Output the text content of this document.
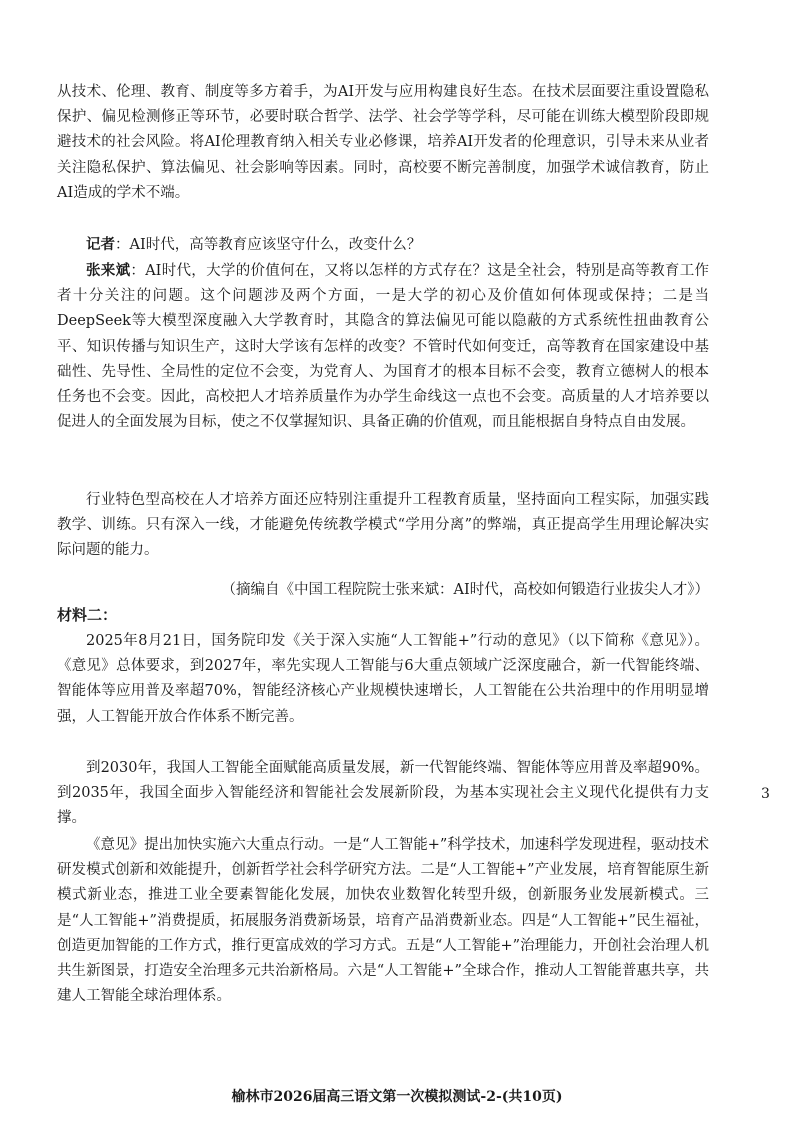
从技术、伦理、教育、制度等多方着手，为AI开发与应用构建良好生态。在技术层面要注重设置隐私保护、偏见检测修正等环节，必要时联合哲学、法学、社会学等学科，尽可能在训练大模型阶段即规避技术的社会风险。将AI伦理教育纳入相关专业必修课，培养AI开发者的伦理意识，引导未来从业者关注隐私保护、算法偏见、社会影响等因素。同时，高校要不断完善制度，加强学术诚信教育，防止AI造成的学术不端。

记者：AI时代，高等教育应该坚守什么，改变什么？

张来斌：AI时代，大学的价值何在，又将以怎样的方式存在？这是全社会，特别是高等教育工作者十分关注的问题。这个问题涉及两个方面，一是大学的初心及价值如何体现或保持；二是当DeepSeek等大模型深度融入大学教育时，其隐含的算法偏见可能以隐蔽的方式系统性扭曲教育公平、知识传播与知识生产，这时大学该有怎样的改变？不管时代如何变迁，高等教育在国家建设中基础性、先导性、全局性的定位不会变，为党育人、为国育才的根本目标不会变，教育立德树人的根本任务也不会变。因此，高校把人才培养质量作为办学生命线这一点也不会变。高质量的人才培养要以促进人的全面发展为目标，使之不仅掌握知识、具备正确的价值观，而且能根据自身特点自由发展。

行业特色型高校在人才培养方面还应特别注重提升工程教育质量，坚持面向工程实际，加强实践教学、训练。只有深入一线，才能避免传统教学模式“学用分离”的弊端，真正提高学生用理论解决实际问题的能力。

（摘编自《中国工程院院士张来斌：AI时代，高校如何锻造行业拔尖人才》）

材料二：

2025年8月21日，国务院印发《关于深入实施“人工智能+”行动的意见》（以下简称《意见》）。《意见》总体要求，到2027年，率先实现人工智能与6大重点领域广泛深度融合，新一代智能终端、智能体等应用普及率超70%，智能经济核心产业规模快速增长，人工智能在公共治理中的作用明显增强，人工智能开放合作体系不断完善。

到2030年，我国人工智能全面赋能高质量发展，新一代智能终端、智能体等应用普及率超90%。到2035年，我国全面步入智能经济和智能社会发展新阶段，为基本实现社会主义现代化提供有力支撑。

《意见》提出加快实施六大重点行动。一是“人工智能+”科学技术，加速科学发现进程，驱动技术研发模式创新和效能提升，创新哲学社会科学研究方法。二是“人工智能+”产业发展，培育智能原生新模式新业态，推进工业全要素智能化发展，加快农业数智化转型升级，创新服务业发展新模式。三是“人工智能+”消费提质，拓展服务消费新场景，培育产品消费新业态。四是“人工智能+”民生福祉，创造更加智能的工作方式，推行更富成效的学习方式。五是“人工智能+”治理能力，开创社会治理人机共生新图景，打造安全治理多元共治新格局。六是“人工智能+”全球合作，推动人工智能普惠共享，共建人工智能全球治理体系。

3

榆林市2026届高三语文第一次模拟测试-2-(共10页)
